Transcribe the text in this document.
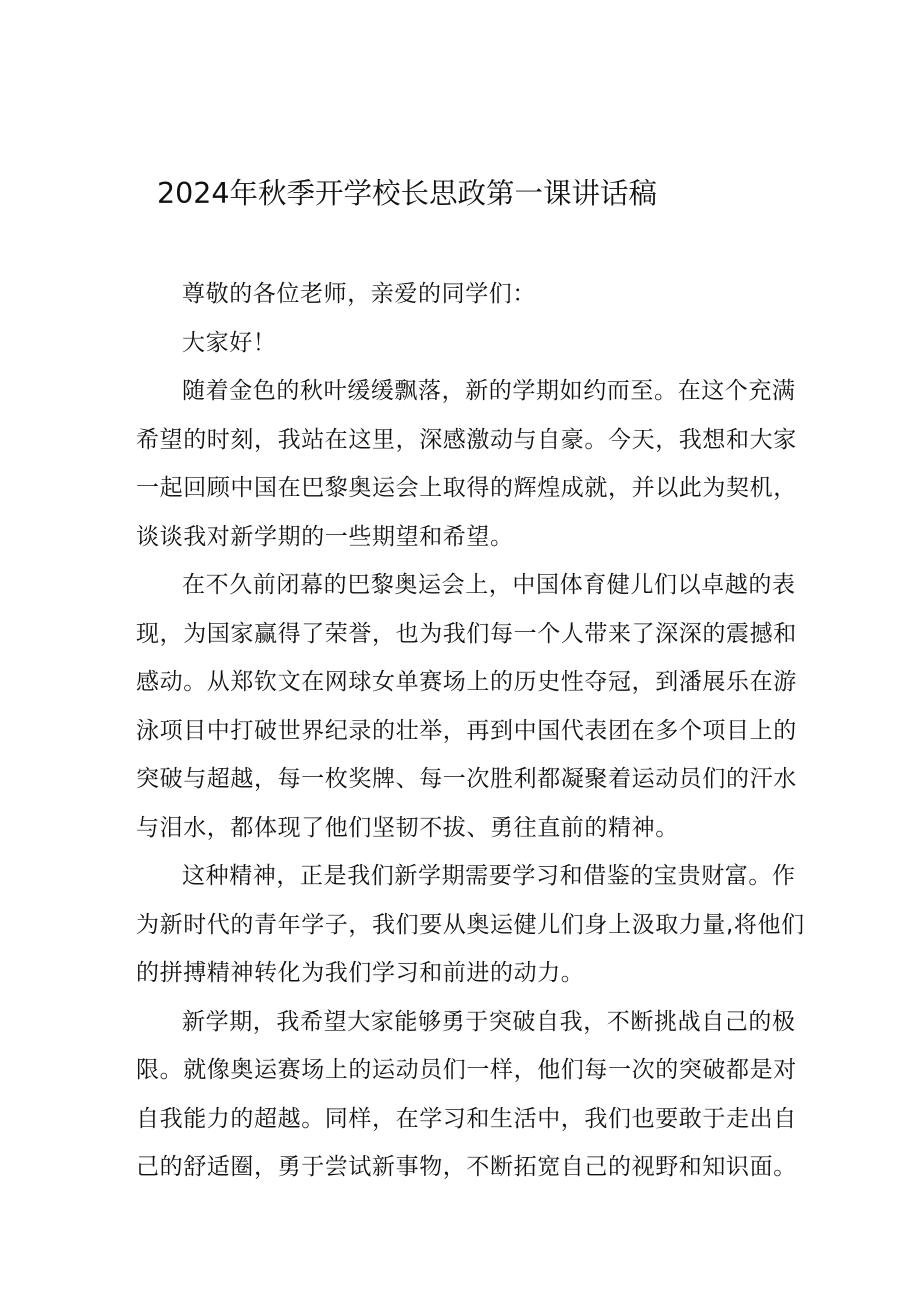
2024年秋季开学校长思政第一课讲话稿
尊敬的各位老师，亲爱的同学们：
大家好！
随着金色的秋叶缓缓飘落，新的学期如约而至。在这个充满
希望的时刻，我站在这里，深感激动与自豪。今天，我想和大家
一起回顾中国在巴黎奥运会上取得的辉煌成就，并以此为契机，
谈谈我对新学期的一些期望和希望。
在不久前闭幕的巴黎奥运会上，中国体育健儿们以卓越的表
现，为国家赢得了荣誉，也为我们每一个人带来了深深的震撼和
感动。从郑钦文在网球女单赛场上的历史性夺冠，到潘展乐在游
泳项目中打破世界纪录的壮举，再到中国代表团在多个项目上的
突破与超越，每一枚奖牌、每一次胜利都凝聚着运动员们的汗水
与泪水，都体现了他们坚韧不拔、勇往直前的精神。
这种精神，正是我们新学期需要学习和借鉴的宝贵财富。作
为新时代的青年学子，我们要从奥运健儿们身上汲取力量,将他们
的拼搏精神转化为我们学习和前进的动力。
新学期，我希望大家能够勇于突破自我，不断挑战自己的极
限。就像奥运赛场上的运动员们一样，他们每一次的突破都是对
自我能力的超越。同样，在学习和生活中，我们也要敢于走出自
己的舒适圈，勇于尝试新事物，不断拓宽自己的视野和知识面。
